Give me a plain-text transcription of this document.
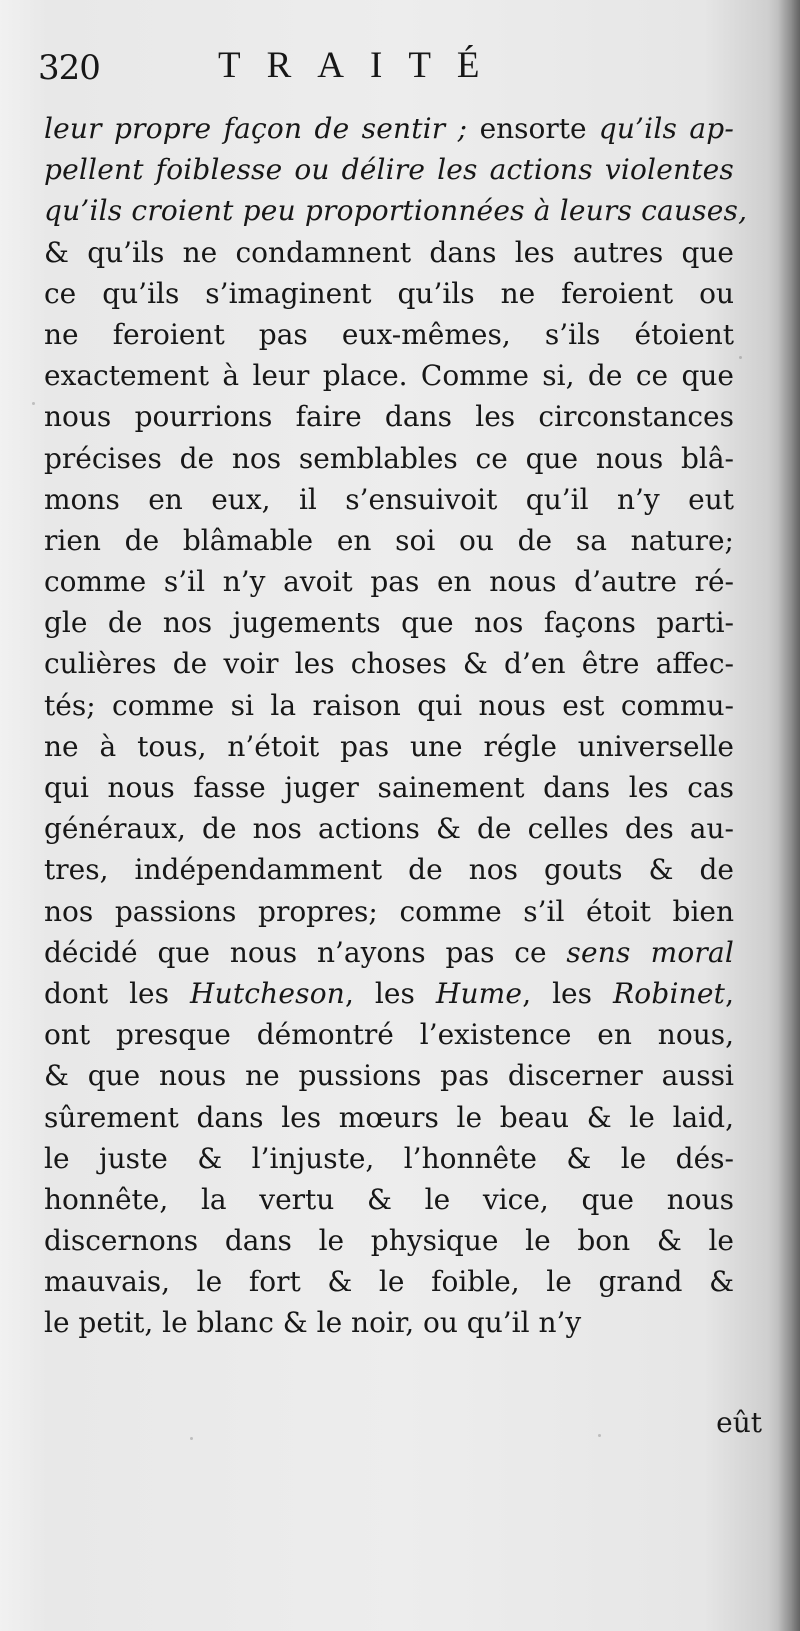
320	TRAITÉ
leur propre façon de sentir ; ensorte qu’ils ap-
pellent foiblesse ou délire les actions violentes
qu’ils croient peu proportionnées à leurs causes,
& qu’ils ne condamnent dans les autres que
ce qu’ils s’imaginent qu’ils ne feroient ou
ne feroient pas eux-mêmes, s’ils étoient
exactement à leur place. Comme si, de ce que
nous pourrions faire dans les circonstances
précises de nos semblables ce que nous blâ-
mons en eux, il s’ensuivoit qu’il n’y eut
rien de blâmable en soi ou de sa nature;
comme s’il n’y avoit pas en nous d’autre ré-
gle de nos jugements que nos façons parti-
culières de voir les choses & d’en être affec-
tés; comme si la raison qui nous est commu-
ne à tous, n’étoit pas une régle universelle
qui nous fasse juger sainement dans les cas
généraux, de nos actions & de celles des au-
tres, indépendamment de nos gouts & de
nos passions propres; comme s’il étoit bien
décidé que nous n’ayons pas ce sens moral
dont les Hutcheson, les Hume, les Robinet,
ont presque démontré l’existence en nous,
& que nous ne pussions pas discerner aussi
sûrement dans les mœurs le beau & le laid,
le juste & l’injuste, l’honnête & le dés-
honnête, la vertu & le vice, que nous
discernons dans le physique le bon & le
mauvais, le fort & le foible, le grand &
le petit, le blanc & le noir, ou qu’il n’y
eût
